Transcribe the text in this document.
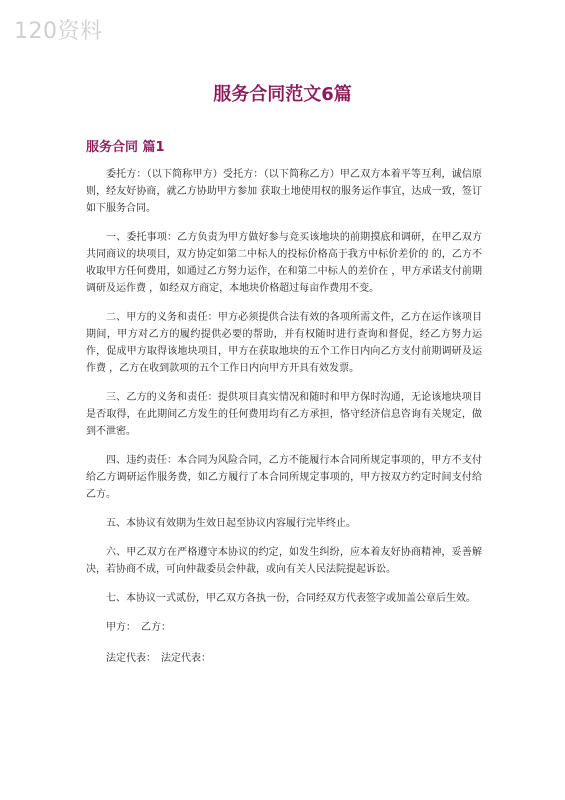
120资料
服务合同范文6篇
服务合同 篇1

委托方：（以下简称甲方）受托方：（以下简称乙方）甲乙双方本着平等互利，诚信原则，经友好协商，就乙方协助甲方参加 获取土地使用权的服务运作事宜，达成一致，签订如下服务合同。

一、委托事项：乙方负责为甲方做好参与竞买该地块的前期摸底和调研，在甲乙双方共同商议的块项目，双方协定如第二中标人的投标价格高于我方中标价差价的 的，乙方不收取甲方任何费用，如通过乙方努力运作，在和第二中标人的差价在 ，甲方承诺支付前期调研及运作费 ，如经双方商定，本地块价格超过每亩作费用不变。

二、甲方的义务和责任：甲方必须提供合法有效的各项所需文件，乙方在运作该项目期间，甲方对乙方的履约提供必要的帮助，并有权随时进行查询和督促，经乙方努力运作，促成甲方取得该地块项目，甲方在获取地块的五个工作日内向乙方支付前期调研及运作费 ，乙方在收到款项的五个工作日内向甲方开具有效发票。

三、乙方的义务和责任：提供项目真实情况和随时和甲方保时沟通，无论该地块项目是否取得，在此期间乙方发生的任何费用均有乙方承担，恪守经济信息咨询有关规定，做到不泄密。

四、违约责任：本合同为风险合同，乙方不能履行本合同所规定事项的，甲方不支付给乙方调研运作服务费，如乙方履行了本合同所规定事项的，甲方按双方约定时间支付给乙方。

五、本协议有效期为生效日起至协议内容履行完毕终止。

六、甲乙双方在严格遵守本协议的约定，如发生纠纷，应本着友好协商精神，妥善解决，若协商不成，可向仲裁委员会仲裁，或向有关人民法院提起诉讼。

七、本协议一式贰份，甲乙双方各执一份，合同经双方代表签字或加盖公章后生效。

甲方：　乙方：

法定代表：　法定代表：
